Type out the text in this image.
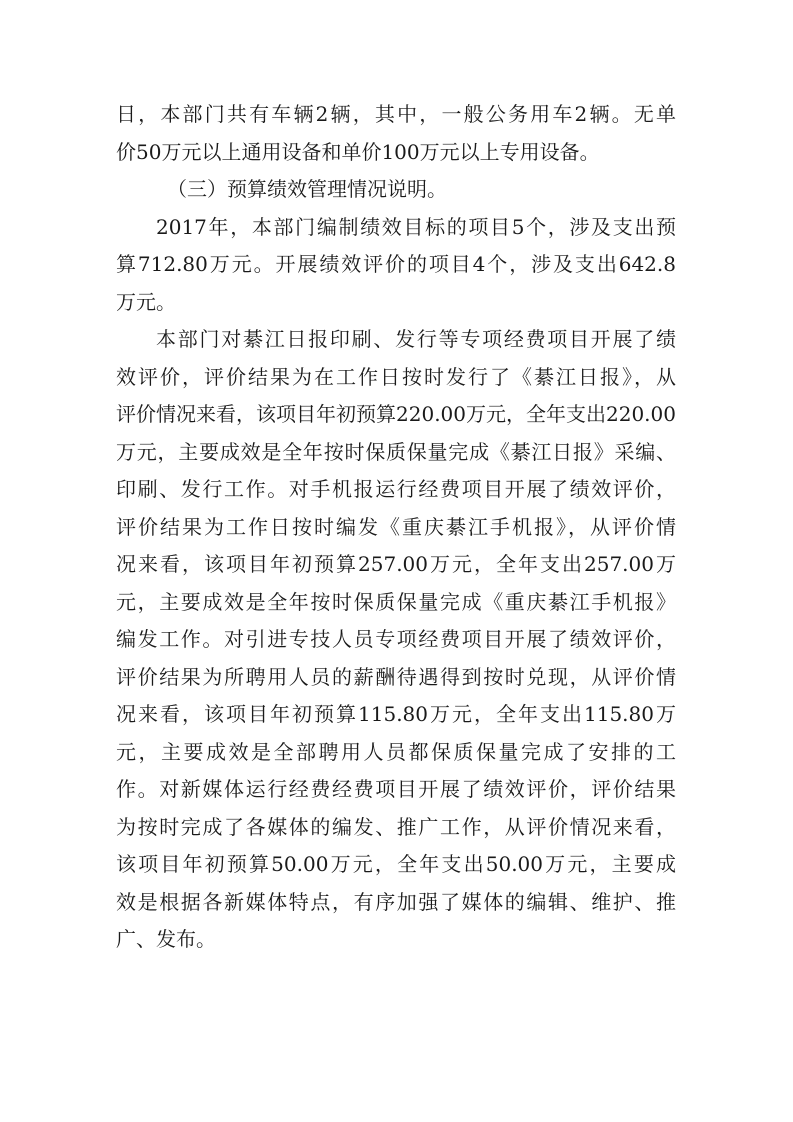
日，本部门共有车辆2辆，其中，一般公务用车2辆。无单
价50万元以上通用设备和单价100万元以上专用设备。
（三）预算绩效管理情况说明。
2017年，本部门编制绩效目标的项目5个，涉及支出预
算712.80万元。开展绩效评价的项目4个，涉及支出642.8
万元。
本部门对綦江日报印刷、发行等专项经费项目开展了绩
效评价，评价结果为在工作日按时发行了《綦江日报》，从
评价情况来看，该项目年初预算220.00万元，全年支出220.00
万元，主要成效是全年按时保质保量完成《綦江日报》采编、
印刷、发行工作。对手机报运行经费项目开展了绩效评价，
评价结果为工作日按时编发《重庆綦江手机报》，从评价情
况来看，该项目年初预算257.00万元，全年支出257.00万
元，主要成效是全年按时保质保量完成《重庆綦江手机报》
编发工作。对引进专技人员专项经费项目开展了绩效评价，
评价结果为所聘用人员的薪酬待遇得到按时兑现，从评价情
况来看，该项目年初预算115.80万元，全年支出115.80万
元，主要成效是全部聘用人员都保质保量完成了安排的工
作。对新媒体运行经费经费项目开展了绩效评价，评价结果
为按时完成了各媒体的编发、推广工作，从评价情况来看，
该项目年初预算50.00万元，全年支出50.00万元，主要成
效是根据各新媒体特点，有序加强了媒体的编辑、维护、推
广、发布。
